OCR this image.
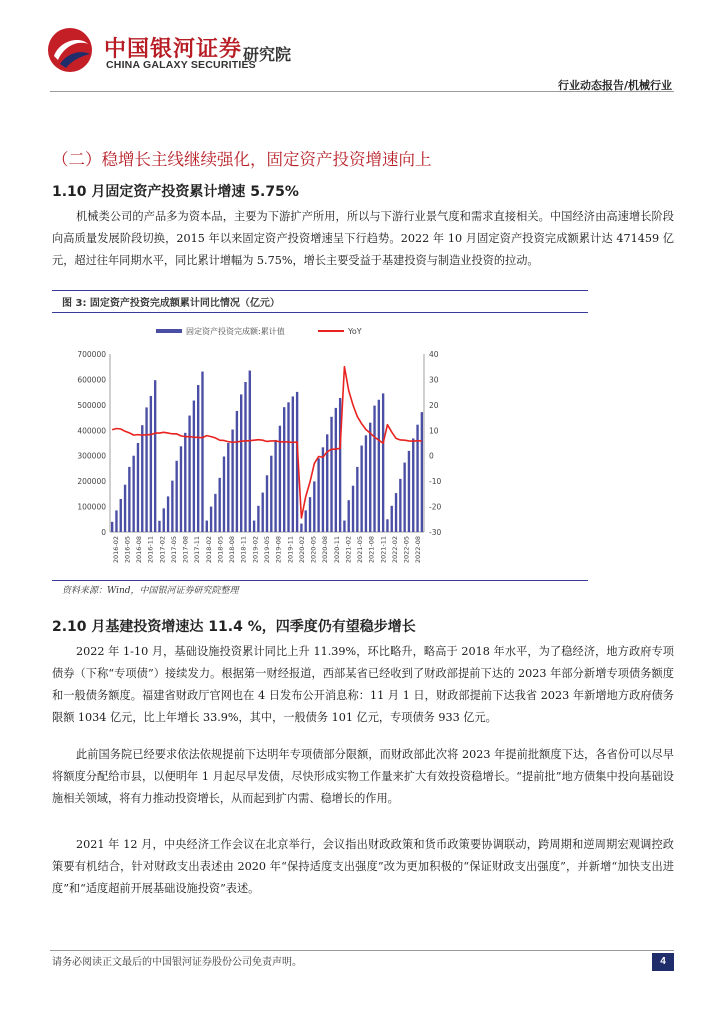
中国银河证券
CHINA GALAXY SECURITIES
研究院
行业动态报告/机械行业
（二）稳增长主线继续强化，固定资产投资增速向上
1.10 月固定资产投资累计增速 5.75%

机械类公司的产品多为资本品，主要为下游扩产所用，所以与下游行业景气度和需求直接相关。中国经济由高速增长阶段向高质量发展阶段切换，2015 年以来固定资产投资增速呈下行趋势。2022 年 10 月固定资产投资完成额累计达 471459 亿元，超过往年同期水平，同比累计增幅为 5.75%，增长主要受益于基建投资与制造业投资的拉动。

图 3: 固定资产投资完成额累计同比情况（亿元）
固定资产投资完成额:累计值	YoY
700000
600000
500000
400000
300000
200000
100000
0
40
30
20
10
0
-10
-20
-30
2016-02 2016-05 2016-08 2016-11 2017-02 2017-05 2017-08 2017-11 2018-02 2018-05 2018-08 2018-11 2019-02 2019-05 2019-08 2019-11 2020-02 2020-05 2020-08 2020-11 2021-02 2021-05 2021-08 2021-11 2022-02 2022-05 2022-08
资料来源：Wind，中国银河证券研究院整理
2.10 月基建投资增速达 11.4 %，四季度仍有望稳步增长

2022 年 1-10 月，基础设施投资累计同比上升 11.39%，环比略升，略高于 2018 年水平，为了稳经济，地方政府专项债券（下称“专项债”）接续发力。根据第一财经报道，西部某省已经收到了财政部提前下达的 2023 年部分新增专项债务额度和一般债务额度。福建省财政厅官网也在 4 日发布公开消息称：11 月 1 日，财政部提前下达我省 2023 年新增地方政府债务限额 1034 亿元，比上年增长 33.9%，其中，一般债务 101 亿元，专项债务 933 亿元。

此前国务院已经要求依法依规提前下达明年专项债部分限额，而财政部此次将 2023 年提前批额度下达，各省份可以尽早将额度分配给市县，以便明年 1 月起尽早发债，尽快形成实物工作量来扩大有效投资稳增长。“提前批”地方债集中投向基础设施相关领域，将有力推动投资增长，从而起到扩内需、稳增长的作用。

2021 年 12 月，中央经济工作会议在北京举行，会议指出财政政策和货币政策要协调联动，跨周期和逆周期宏观调控政策要有机结合，针对财政支出表述由 2020 年“保持适度支出强度”改为更加积极的“保证财政支出强度”，并新增“加快支出进度”和“适度超前开展基础设施投资”表述。

请务必阅读正文最后的中国银河证券股份公司免责声明。	4
